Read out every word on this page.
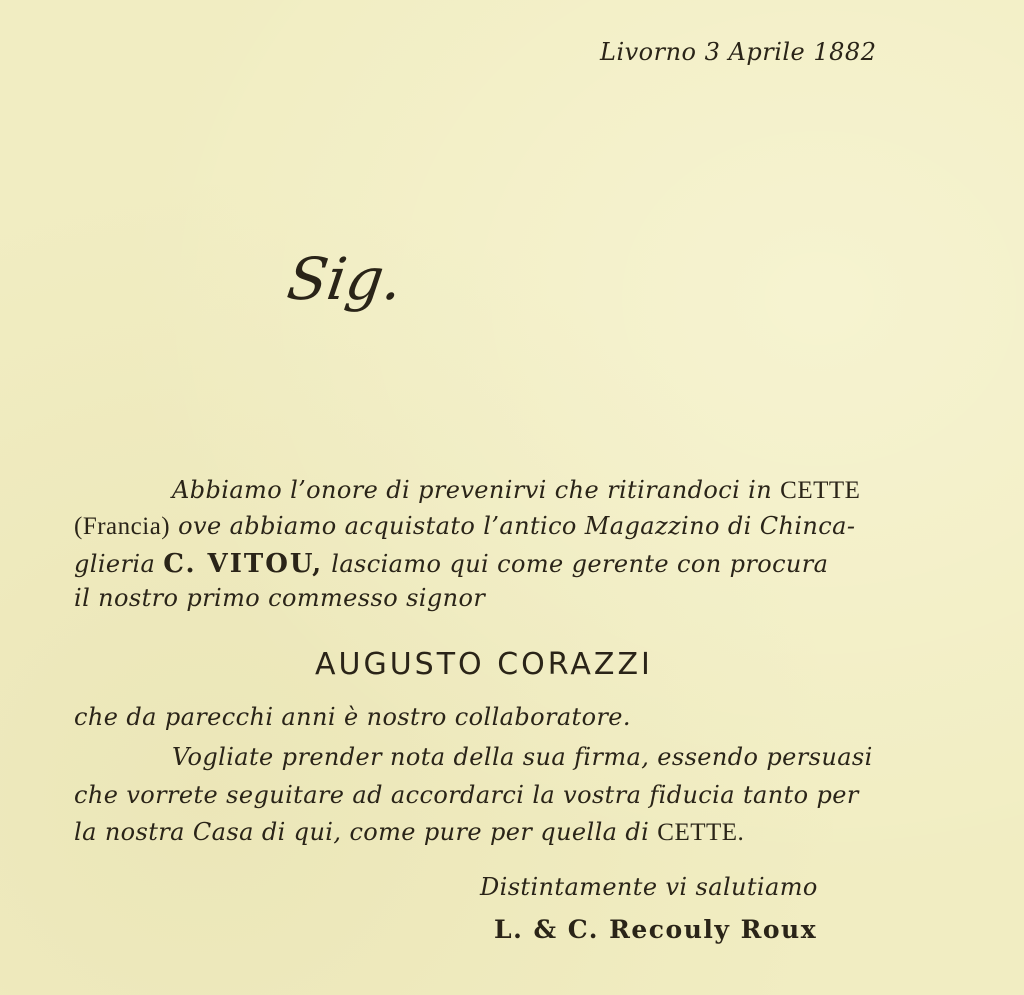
Livorno 3 Aprile 1882
Sig.
Abbiamo l’onore di prevenirvi che ritirandoci in CETTE
(Francia) ove abbiamo acquistato l’antico Magazzino di Chinca-
glieria C. VITOU, lasciamo qui come gerente con procura
il nostro primo commesso signor
AUGUSTO CORAZZI
che da parecchi anni è nostro collaboratore.
Vogliate prender nota della sua firma, essendo persuasi
che vorrete seguitare ad accordarci la vostra fiducia tanto per
la nostra Casa di qui, come pure per quella di CETTE.
Distintamente vi salutiamo
L. & C. Recouly Roux
